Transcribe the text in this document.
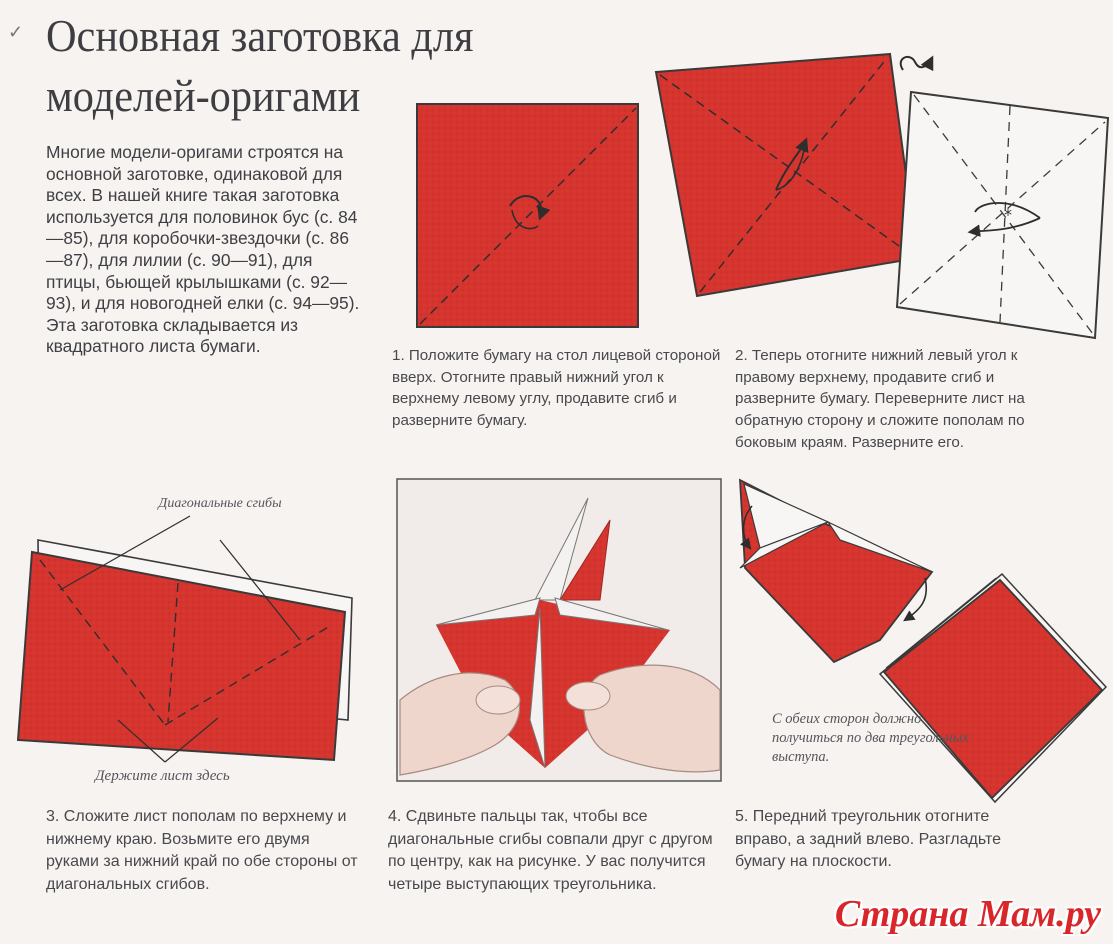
✓ Основная заготовка для
моделей-оригами
Многие модели-оригами строятся на основной заготовке, одинаковой для всех. В нашей книге такая заготовка используется для половинок бус (с. 84—85), для коробочки-звездочки (с. 86—87), для лилии (с. 90—91), для птицы, бьющей крылышками (с. 92—93), и для новогодней елки (с. 94—95). Эта заготовка складывается из квадратного листа бумаги.
*
1. Положите бумагу на стол лицевой стороной вверх. Отогните правый нижний угол к верхнему левому углу, продавите сгиб и разверните бумагу.
2. Теперь отогните нижний левый угол к правому верхнему, продавите сгиб и разверните бумагу. Переверните лист на обратную сторону и сложите пополам по боковым краям. Разверните его.
3. Сложите лист пополам по верхнему и нижнему краю. Возьмите его двумя руками за нижний край по обе стороны от диагональных сгибов.
4. Сдвиньте пальцы так, чтобы все диагональные сгибы совпали друг с другом по центру, как на рисунке. У вас получится четыре выступающих треугольника.
5. Передний треугольник отогните вправо, а задний влево. Разгладьте бумагу на плоскости.
Диагональные сгибы
Держите лист здесь
С обеих сторон должно получиться по два треугольных выступа.
Страна Мам.ру
